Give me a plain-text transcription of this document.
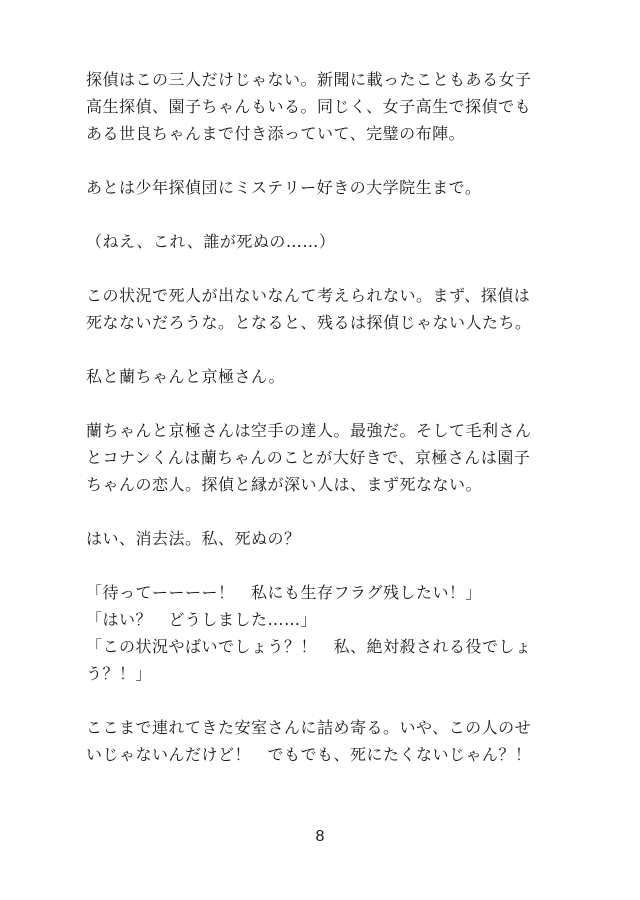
探偵はこの三人だけじゃない。新聞に載ったこともある女子
高生探偵、園子ちゃんもいる。同じく、女子高生で探偵でも
ある世良ちゃんまで付き添っていて、完璧の布陣。
あとは少年探偵団にミステリー好きの大学院生まで。
（ねえ、これ、誰が死ぬの……）
この状況で死人が出ないなんて考えられない。まず、探偵は
死なないだろうな。となると、残るは探偵じゃない人たち。
私と蘭ちゃんと京極さん。
蘭ちゃんと京極さんは空手の達人。最強だ。そして毛利さん
とコナンくんは蘭ちゃんのことが大好きで、京極さんは園子
ちゃんの恋人。探偵と縁が深い人は、まず死なない。
はい、消去法。私、死ぬの？
「待ってーーーー！　私にも生存フラグ残したい！」
「はい？　どうしました……」
「この状況やばいでしょう？！　私、絶対殺される役でしょ
う？！」
ここまで連れてきた安室さんに詰め寄る。いや、この人のせ
いじゃないんだけど！　でもでも、死にたくないじゃん？！
8
